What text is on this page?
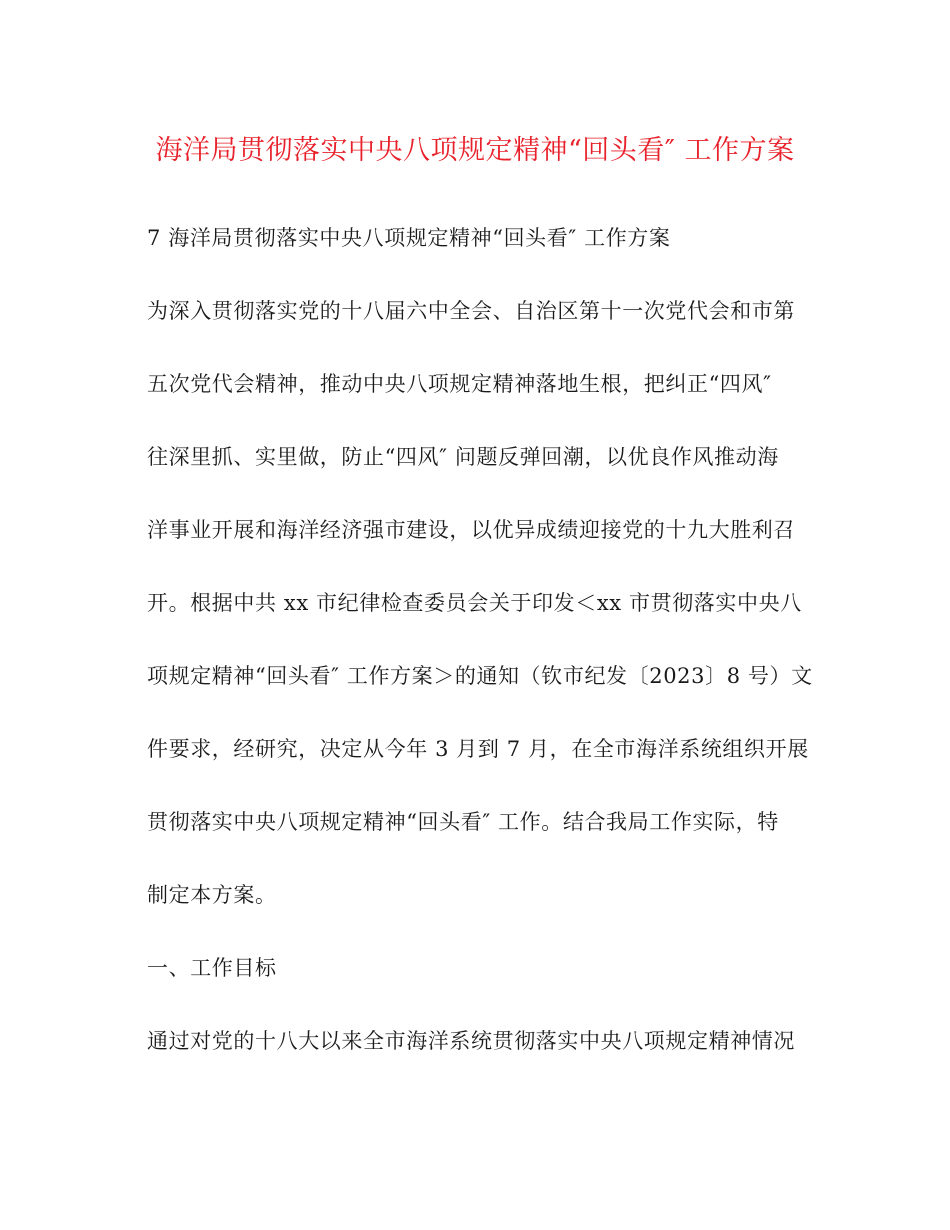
海洋局贯彻落实中央八项规定精神“回头看″ 工作方案
7 海洋局贯彻落实中央八项规定精神“回头看″ 工作方案
为深入贯彻落实党的十八届六中全会、自治区第十一次党代会和市第
五次党代会精神，推动中央八项规定精神落地生根，把纠正“四风″
往深里抓、实里做，防止“四风″ 问题反弹回潮，以优良作风推动海
洋事业开展和海洋经济强市建设，以优异成绩迎接党的十九大胜利召
开。根据中共 xx 市纪律检查委员会关于印发＜xx 市贯彻落实中央八
项规定精神“回头看″ 工作方案＞的通知（钦市纪发〔2023〕8 号）文
件要求，经研究，决定从今年 3 月到 7 月，在全市海洋系统组织开展
贯彻落实中央八项规定精神“回头看″ 工作。结合我局工作实际，特
制定本方案。
一、工作目标
通过对党的十八大以来全市海洋系统贯彻落实中央八项规定精神情况
